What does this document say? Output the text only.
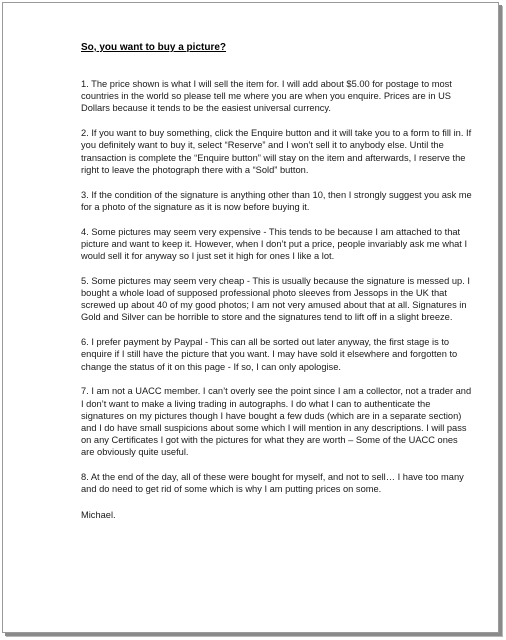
So, you want to buy a picture?

1. The price shown is what I will sell the item for. I will add about $5.00 for postage to most countries in the world so please tell me where you are when you enquire. Prices are in US Dollars because it tends to be the easiest universal currency.

2. If you want to buy something, click the Enquire button and it will take you to a form to fill in. If you definitely want to buy it, select “Reserve” and I won’t sell it to anybody else. Until the transaction is complete the “Enquire button” will stay on the item and afterwards, I reserve the right to leave the photograph there with a “Sold” button.

3. If the condition of the signature is anything other than 10, then I strongly suggest you ask me for a photo of the signature as it is now before buying it.

4. Some pictures may seem very expensive - This tends to be because I am attached to that picture and want to keep it. However, when I don’t put a price, people invariably ask me what I would sell it for anyway so I just set it high for ones I like a lot.

5. Some pictures may seem very cheap - This is usually because the signature is messed up. I bought a whole load of supposed professional photo sleeves from Jessops in the UK that screwed up about 40 of my good photos; I am not very amused about that at all. Signatures in Gold and Silver can be horrible to store and the signatures tend to lift off in a slight breeze.

6. I prefer payment by Paypal - This can all be sorted out later anyway, the first stage is to enquire if I still have the picture that you want. I may have sold it elsewhere and forgotten to change the status of it on this page - If so, I can only apologise.

7. I am not a UACC member. I can’t overly see the point since I am a collector, not a trader and I don’t want to make a living trading in autographs. I do what I can to authenticate the signatures on my pictures though I have bought a few duds (which are in a separate section) and I do have small suspicions about some which I will mention in any descriptions. I will pass on any Certificates I got with the pictures for what they are worth – Some of the UACC ones are obviously quite useful.

8. At the end of the day, all of these were bought for myself, and not to sell… I have too many and do need to get rid of some which is why I am putting prices on some.

Michael.
